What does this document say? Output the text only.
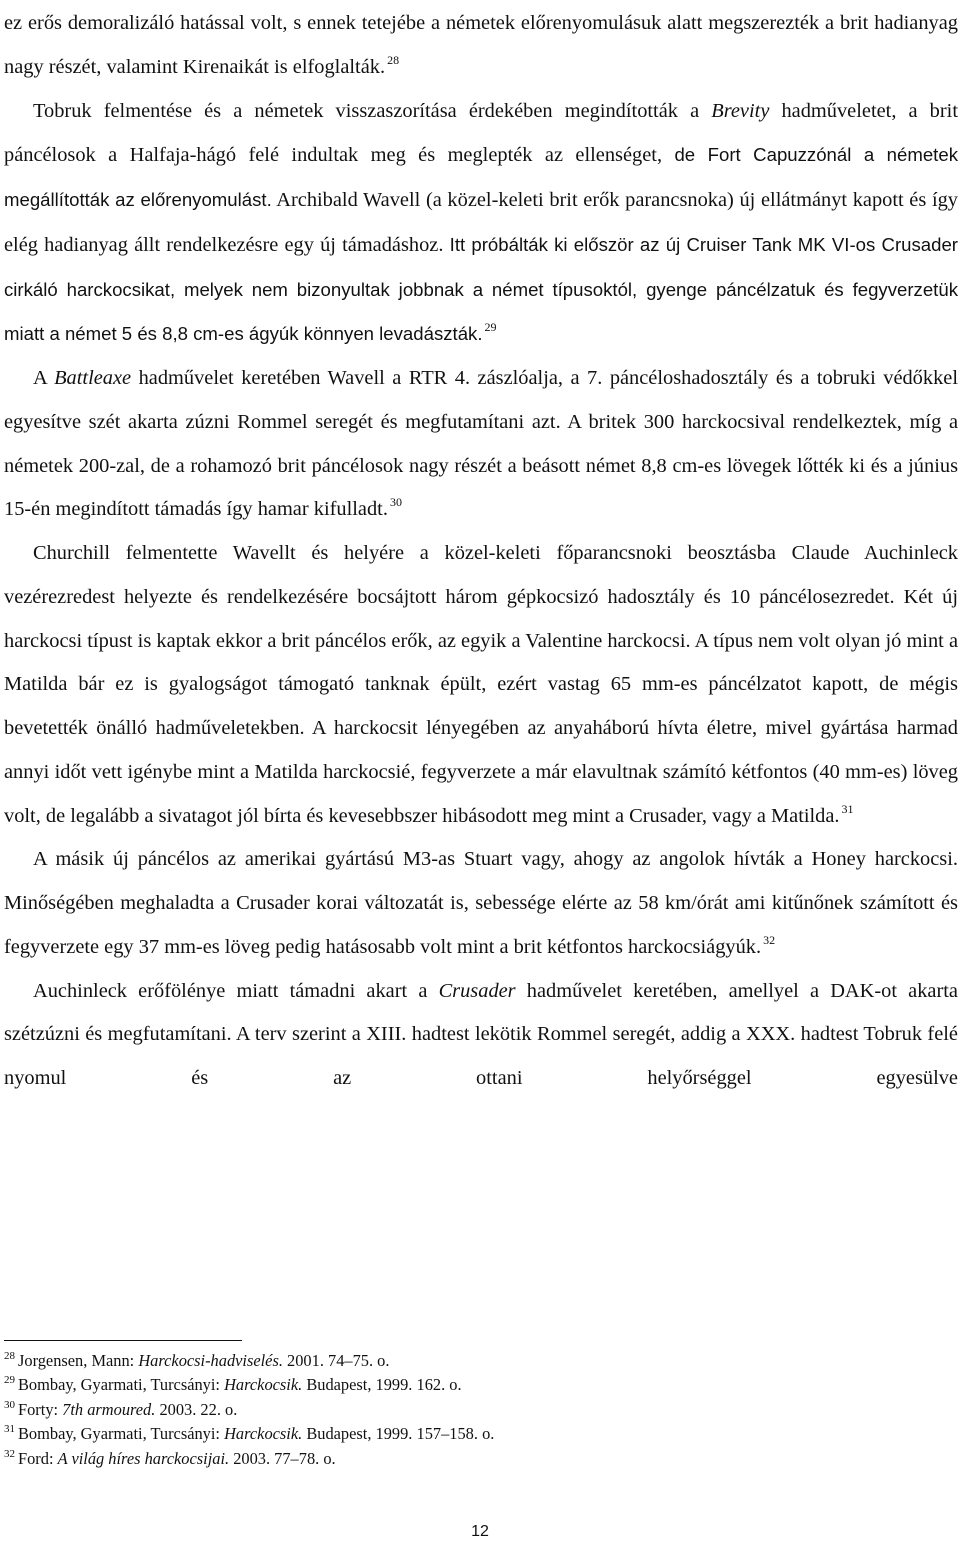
ez erős demoralizáló hatással volt, s ennek tetejébe a németek előrenyomulásuk alatt megszerezték a brit hadianyag nagy részét, valamint Kirenaikát is elfoglalták. $^{28}$

Tobruk felmentése és a németek visszaszorítása érdekében megindították a Brevity hadműveletet, a brit páncélosok a Halfaja-hágó felé indultak meg és meglepték az ellenséget, de Fort Capuzzónál a németek megállították az előrenyomulást. Archibald Wavell (a közel-keleti brit erők parancsnoka) új ellátmányt kapott és így elég hadianyag állt rendelkezésre egy új támadáshoz. Itt próbálták ki először az új Cruiser Tank MK VI-os Crusader cirkáló harckocsikat, melyek nem bizonyultak jobbnak a német típusoktól, gyenge páncélzatuk és fegyverzetük miatt a német 5 és 8,8 cm-es ágyúk könnyen levadászták. $^{29}$

A Battleaxe hadművelet keretében Wavell a RTR 4. zászlóalja, a 7. páncéloshadosztály és a tobruki védőkkel egyesítve szét akarta zúzni Rommel seregét és megfutamítani azt. A britek 300 harckocsival rendelkeztek, míg a németek 200-zal, de a rohamozó brit páncélosok nagy részét a beásott német 8,8 cm-es lövegek lőtték ki és a június 15-én megindított támadás így hamar kifulladt. $^{30}$

Churchill felmentette Wavellt és helyére a közel-keleti főparancsnoki beosztásba Claude Auchinleck vezérezredest helyezte és rendelkezésére bocsájtott három gépkocsizó hadosztály és 10 páncélosezredet. Két új harckocsi típust is kaptak ekkor a brit páncélos erők, az egyik a Valentine harckocsi. A típus nem volt olyan jó mint a Matilda bár ez is gyalogságot támogató tanknak épült, ezért vastag 65 mm-es páncélzatot kapott, de mégis bevetették önálló hadműveletekben. A harckocsit lényegében az anyaháború hívta életre, mivel gyártása harmad annyi időt vett igénybe mint a Matilda harckocsié, fegyverzete a már elavultnak számító kétfontos (40 mm-es) löveg volt, de legalább a sivatagot jól bírta és kevesebbszer hibásodott meg mint a Crusader, vagy a Matilda. $^{31}$

A másik új páncélos az amerikai gyártású M3-as Stuart vagy, ahogy az angolok hívták a Honey harckocsi. Minőségében meghaladta a Crusader korai változatát is, sebessége elérte az 58 km/órát ami kitűnőnek számított és fegyverzete egy 37 mm-es löveg pedig hatásosabb volt mint a brit kétfontos harckocsiágyúk. $^{32}$

Auchinleck erőfölénye miatt támadni akart a Crusader hadművelet keretében, amellyel a DAK-ot akarta szétzúzni és megfutamítani. A terv szerint a XIII. hadtest lekötik Rommel seregét, addig a XXX. hadtest Tobruk felé nyomul és az ottani helyőrséggel egyesülve

$^{28}$ Jorgensen, Mann: Harckocsi-hadviselés. 2001. 74–75. o.
$^{29}$ Bombay, Gyarmati, Turcsányi: Harckocsik. Budapest, 1999. 162. o.
$^{30}$ Forty: 7th armoured. 2003. 22. o.
$^{31}$ Bombay, Gyarmati, Turcsányi: Harckocsik. Budapest, 1999. 157–158. o.
$^{32}$ Ford: A világ híres harckocsijai. 2003. 77–78. o.
12
